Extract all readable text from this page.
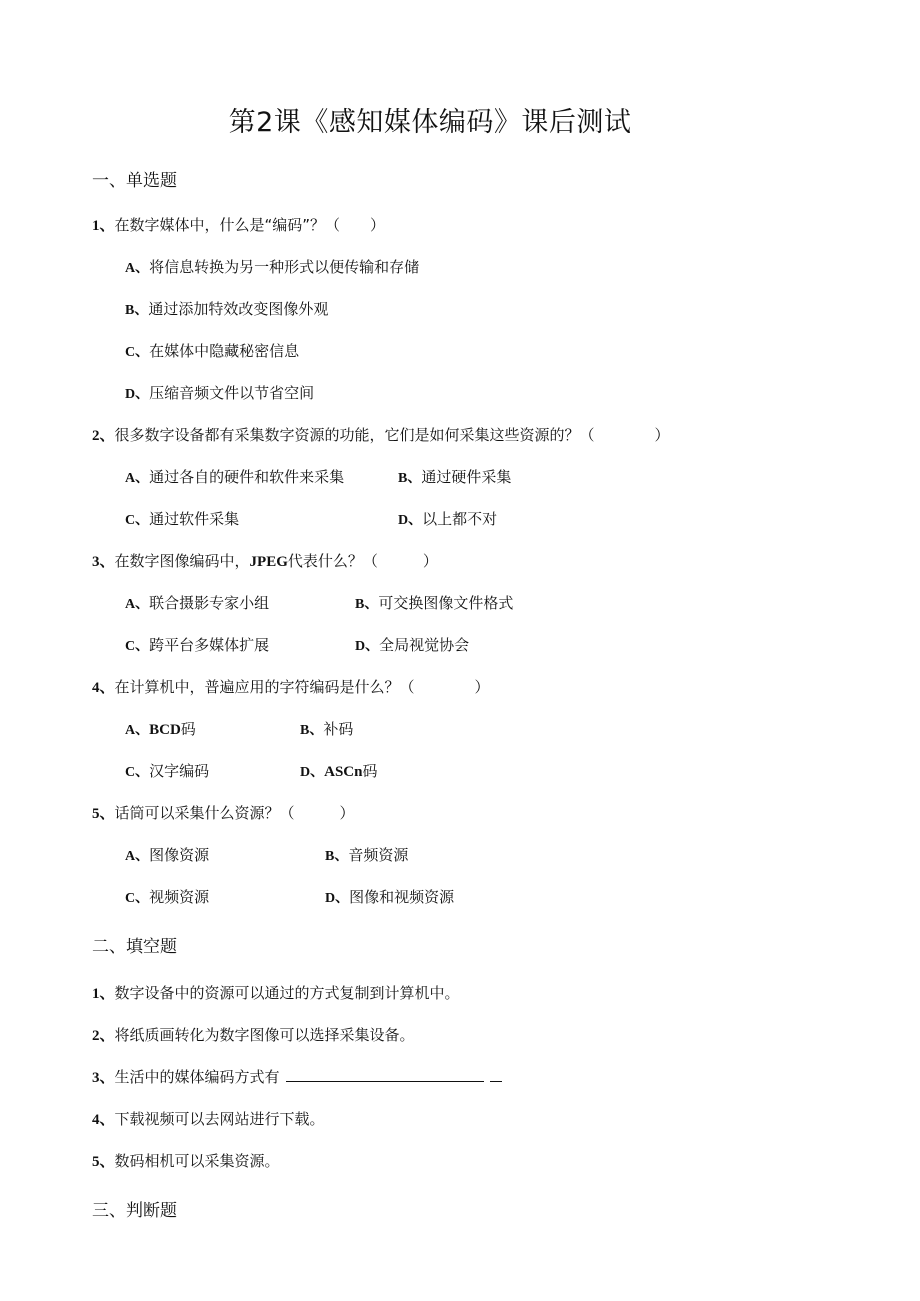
第2课《感知媒体编码》课后测试

一、单选题

1、在数字媒体中，什么是“编码”？（　　）

A、将信息转换为另一种形式以便传输和存储

B、通过添加特效改变图像外观

C、在媒体中隐藏秘密信息

D、压缩音频文件以节省空间

2、很多数字设备都有采集数字资源的功能，它们是如何采集这些资源的？（　　　　）

A、通过各自的硬件和软件来采集	B、通过硬件采集

C、通过软件采集	D、以上都不对

3、在数字图像编码中，JPEG代表什么？（　　　）

A、联合摄影专家小组	B、可交换图像文件格式

C、跨平台多媒体扩展	D、全局视觉协会

4、在计算机中，普遍应用的字符编码是什么？（　　　　）

A、BCD码	B、补码

C、汉字编码	D、ASCn码

5、话筒可以采集什么资源？（　　　）

A、图像资源	B、音频资源

C、视频资源	D、图像和视频资源

二、填空题

1、数字设备中的资源可以通过的方式复制到计算机中。

2、将纸质画转化为数字图像可以选择采集设备。

3、生活中的媒体编码方式有

4、下载视频可以去网站进行下载。

5、数码相机可以采集资源。

三、判断题
